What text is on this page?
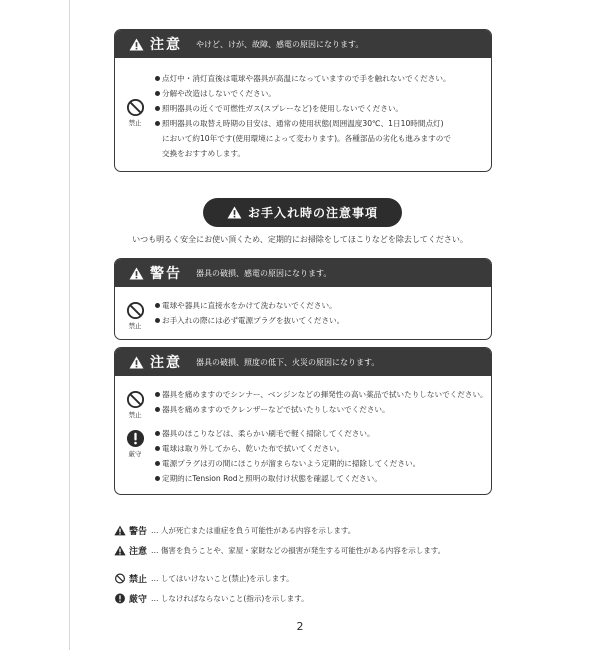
注意 やけど、けが、故障、感電の原因になります。
禁止
点灯中・消灯直後は電球や器具が高温になっていますので手を触れないでください。
分解や改造はしないでください。
照明器具の近くで可燃性ガス(スプレーなど)を使用しないでください。
照明器具の取替え時期の目安は、通常の使用状態(周囲温度30℃、1日10時間点灯)
において約10年です(使用環境によって変わります)。各種部品の劣化も進みますので
交換をおすすめします。
お手入れ時の注意事項
いつも明るく安全にお使い頂くため、定期的にお掃除をしてほこりなどを除去してください。
警告 器具の破損、感電の原因になります。
禁止
電球や器具に直接水をかけて洗わないでください。
お手入れの際には必ず電源プラグを抜いてください。
注意 器具の破損、照度の低下、火災の原因になります。
禁止
器具を痛めますのでシンナー、ベンジンなどの揮発性の高い薬品で拭いたりしないでください。
器具を痛めますのでクレンザーなどで拭いたりしないでください。
厳守
器具のほこりなどは、柔らかい刷毛で軽く掃除してください。
電球は取り外してから、乾いた布で拭いてください。
電源プラグは刃の間にほこりが溜まらないよう定期的に掃除してください。
定期的にTension Rodと照明の取付け状態を確認してください。
警告 … 人が死亡または重症を負う可能性がある内容を示します。
注意 … 傷害を負うことや、家屋・家財などの損害が発生する可能性がある内容を示します。
禁止 … してはいけないこと(禁止)を示します。
厳守 … しなければならないこと(指示)を示します。
2
